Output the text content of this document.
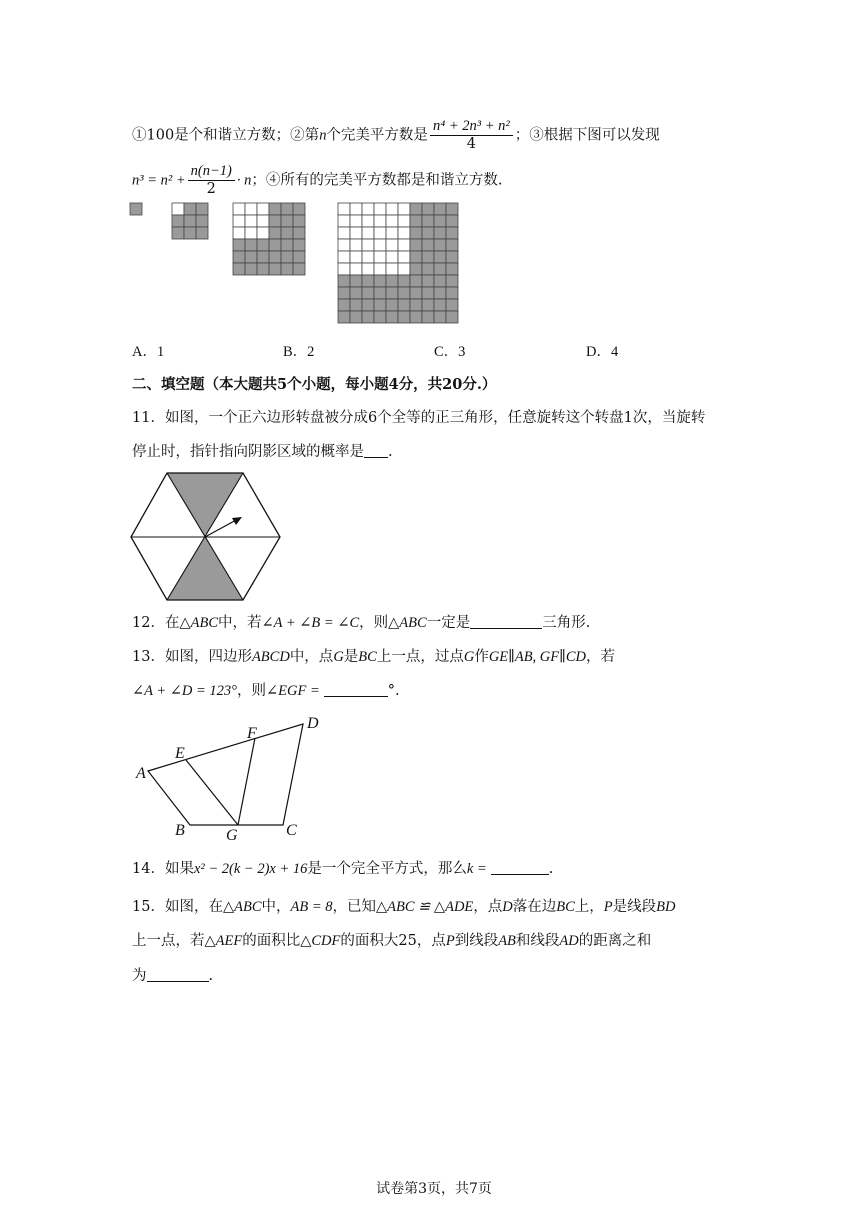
①100是个和谐立方数；②第n个完美平方数是 $\frac{\text{n⁴ + 2n³ + n²}}{4}$ ；③根据下图可以发现
$n^3 = n^2 + \frac{n(n-1)}{2} \cdot n$；④所有的完美平方数都是和谐立方数.
A．1	B．2	C．3	D．4
二、填空题（本大题共5个小题，每小题4分，共20分.）
11．如图，一个正六边形转盘被分成6个全等的正三角形，任意旋转这个转盘1次，当旋转
停止时，指针指向阴影区域的概率是 .
12．在△ABC中，若∠A + ∠B = ∠C，则△ABC一定是	三角形.
13．如图，四边形ABCD中，点G是BC上一点，过点G作GE∥AB, GF∥CD，若
∠A + ∠D = 123°，则∠EGF =	°.
A
E
F
D
B	G	C
14．如果x² − 2(k − 2)x + 16是一个完全平方式，那么k =	.
15．如图，在△ABC中，AB = 8，已知△ABC ≌ △ADE，点D落在边BC上，P是线段BD
上一点，若△AEF的面积比△CDF的面积大25，点P到线段AB和线段AD的距离之和
为	.
试卷第3页，共7页
